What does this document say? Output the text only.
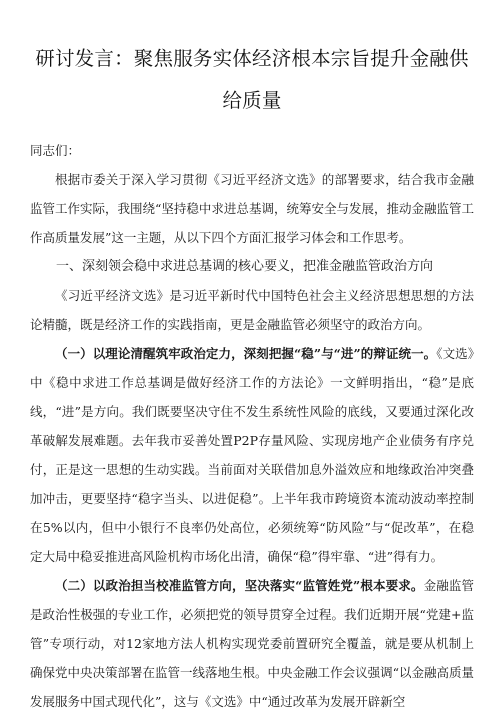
研讨发言：聚焦服务实体经济根本宗旨提升金融供给质量

同志们：

根据市委关于深入学习贯彻《习近平经济文选》的部署要求，结合我市金融监管工作实际，我围绕“坚持稳中求进总基调，统筹安全与发展，推动金融监管工作高质量发展”这一主题，从以下四个方面汇报学习体会和工作思考。

一、深刻领会稳中求进总基调的核心要义，把准金融监管政治方向

《习近平经济文选》是习近平新时代中国特色社会主义经济思想思想的方法论精髓，既是经济工作的实践指南，更是金融监管必须坚守的政治方向。

（一）以理论清醒筑牢政治定力，深刻把握“稳”与“进”的辩证统一。《文选》中《稳中求进工作总基调是做好经济工作的方法论》一文鲜明指出，“稳”是底线，“进”是方向。我们既要坚决守住不发生系统性风险的底线，又要通过深化改革破解发展难题。去年我市妥善处置P2P存量风险、实现房地产企业债务有序兑付，正是这一思想的生动实践。当前面对关联借加息外溢效应和地缘政治冲突叠加冲击，更要坚持“稳字当头、以进促稳”。上半年我市跨境资本流动波动率控制在5%以内，但中小银行不良率仍处高位，必须统筹“防风险”与“促改革”，在稳定大局中稳妥推进高风险机构市场化出清，确保“稳”得牢靠、“进”得有力。

（二）以政治担当校准监管方向，坚决落实“监管姓党”根本要求。金融监管是政治性极强的专业工作，必须把党的领导贯穿全过程。我们近期开展“党建+监管”专项行动，对12家地方法人机构实现党委前置研究全覆盖，就是要从机制上确保党中央决策部署在监管一线落地生根。中央金融工作会议强调“以金融高质量发展服务中国式现代化”，这与《文选》中“通过改革为发展开辟新空
